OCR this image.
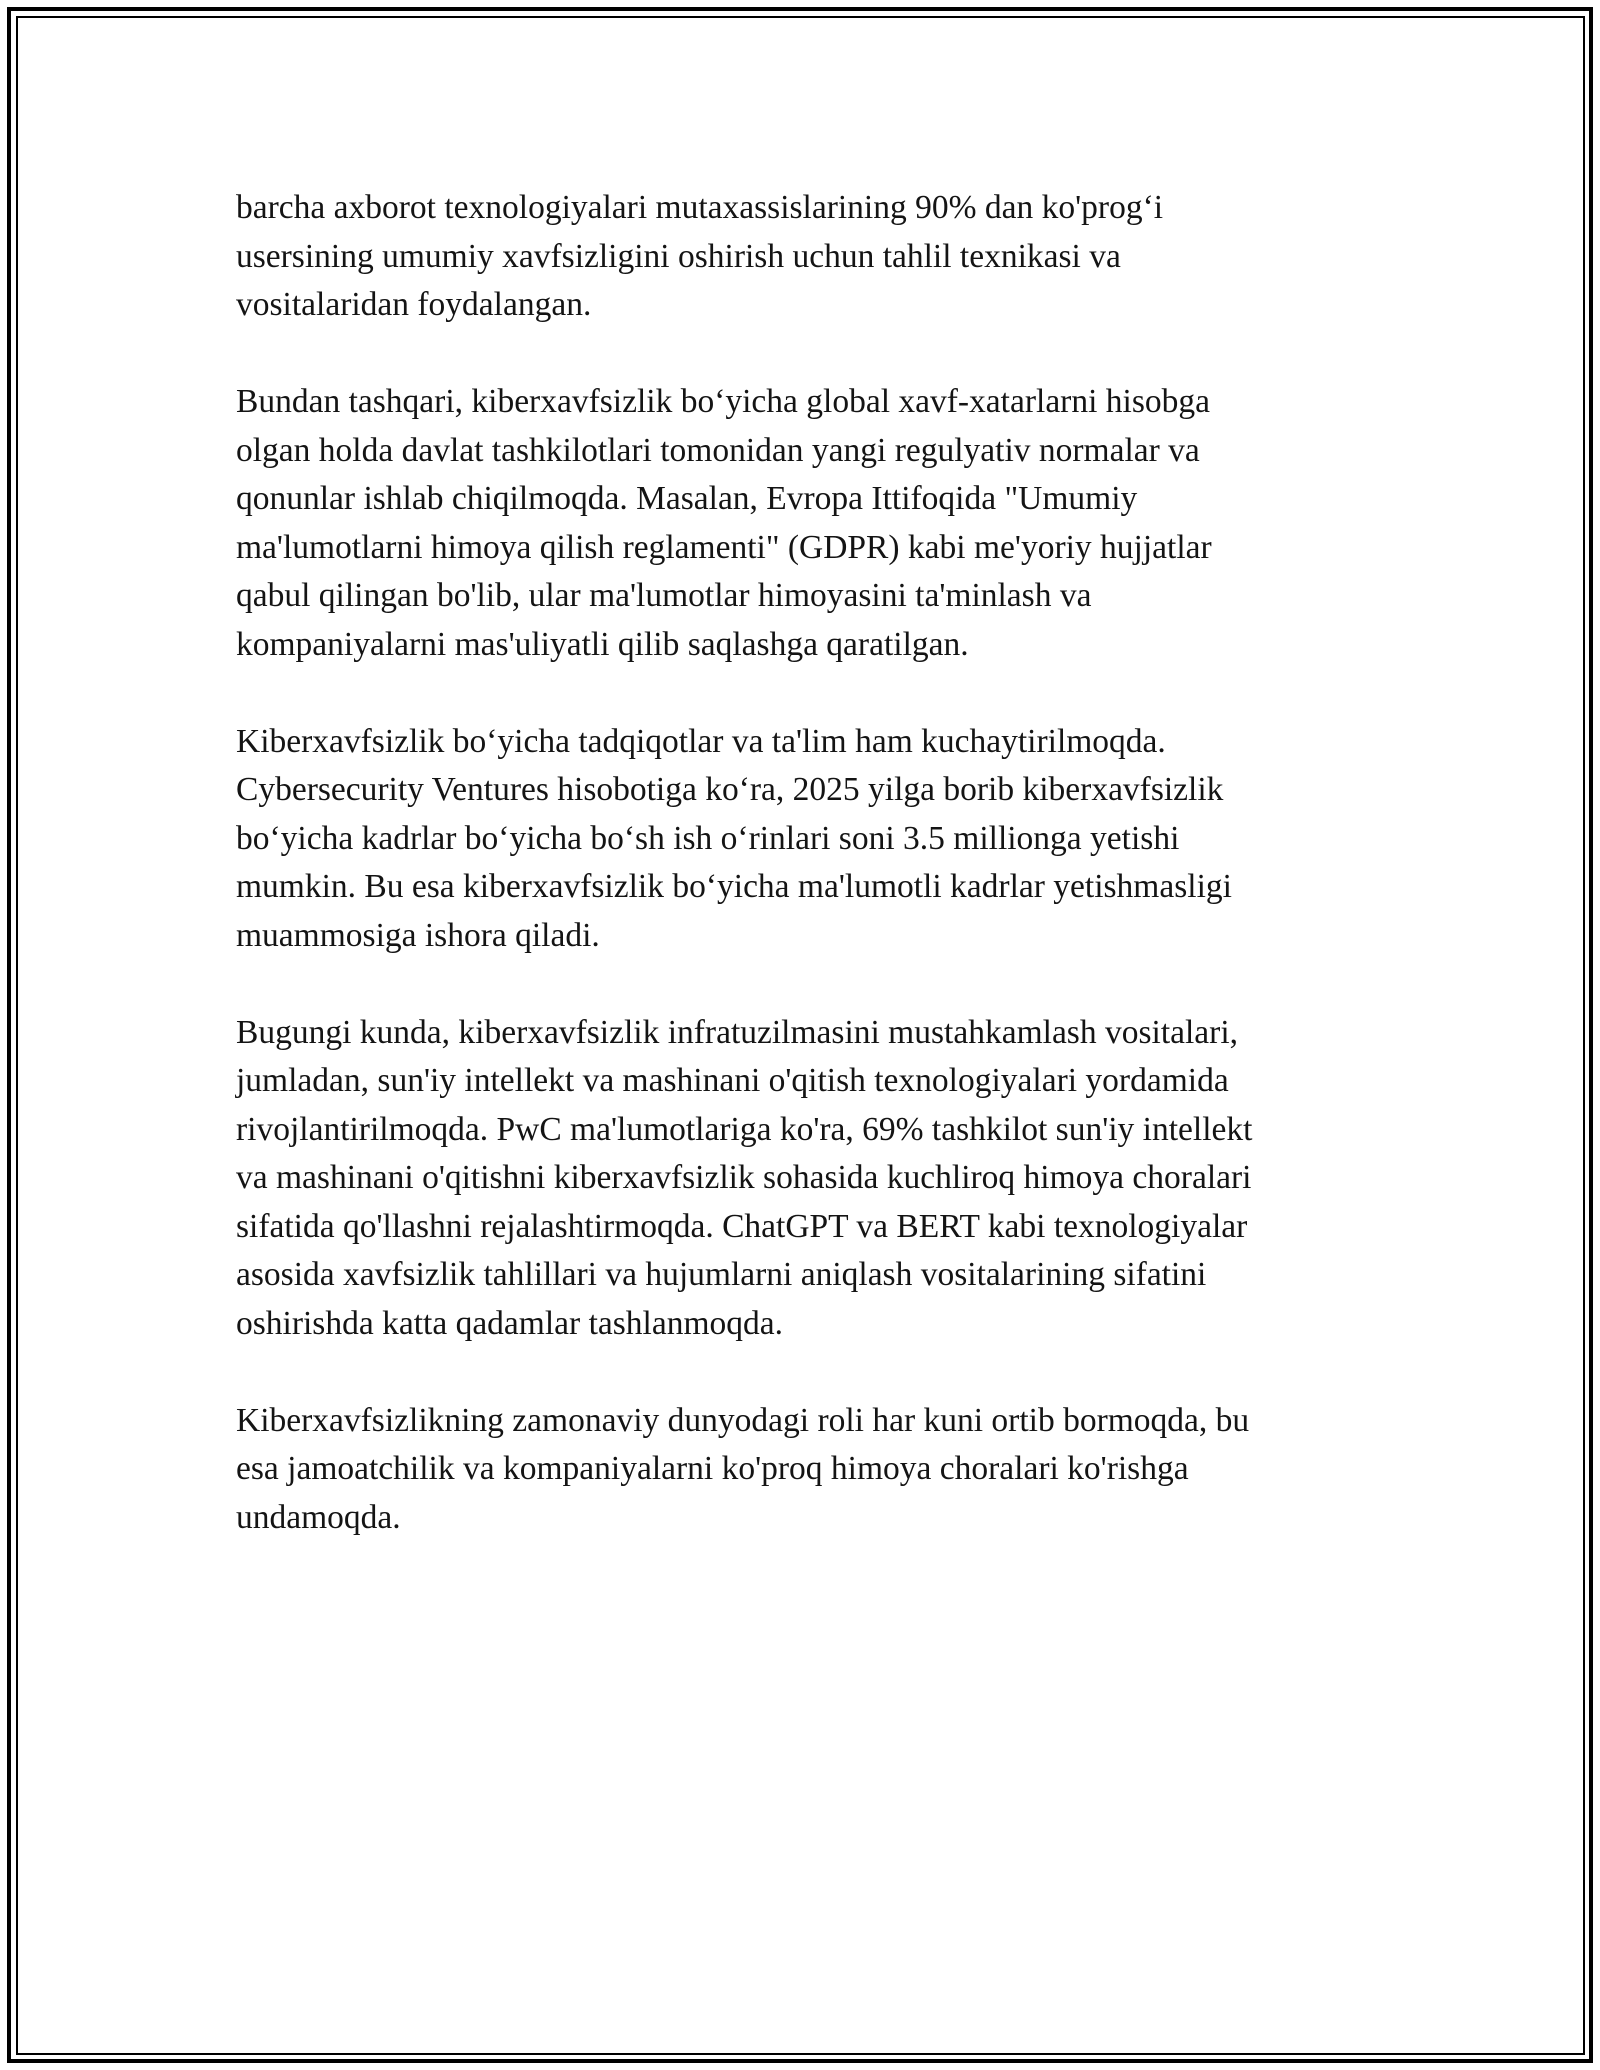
barcha axborot texnologiyalari mutaxassislarining 90% dan ko'prog‘i
usersining umumiy xavfsizligini oshirish uchun tahlil texnikasi va
vositalaridan foydalangan.

Bundan tashqari, kiberxavfsizlik bo‘yicha global xavf-xatarlarni hisobga
olgan holda davlat tashkilotlari tomonidan yangi regulyativ normalar va
qonunlar ishlab chiqilmoqda. Masalan, Evropa Ittifoqida "Umumiy
ma'lumotlarni himoya qilish reglamenti" (GDPR) kabi me'yoriy hujjatlar
qabul qilingan bo'lib, ular ma'lumotlar himoyasini ta'minlash va
kompaniyalarni mas'uliyatli qilib saqlashga qaratilgan.

Kiberxavfsizlik bo‘yicha tadqiqotlar va ta'lim ham kuchaytirilmoqda.
Cybersecurity Ventures hisobotiga ko‘ra, 2025 yilga borib kiberxavfsizlik
bo‘yicha kadrlar bo‘yicha bo‘sh ish o‘rinlari soni 3.5 millionga yetishi
mumkin. Bu esa kiberxavfsizlik bo‘yicha ma'lumotli kadrlar yetishmasligi
muammosiga ishora qiladi.

Bugungi kunda, kiberxavfsizlik infratuzilmasini mustahkamlash vositalari,
jumladan, sun'iy intellekt va mashinani o'qitish texnologiyalari yordamida
rivojlantirilmoqda. PwC ma'lumotlariga ko'ra, 69% tashkilot sun'iy intellekt
va mashinani o'qitishni kiberxavfsizlik sohasida kuchliroq himoya choralari
sifatida qo'llashni rejalashtirmoqda. ChatGPT va BERT kabi texnologiyalar
asosida xavfsizlik tahlillari va hujumlarni aniqlash vositalarining sifatini
oshirishda katta qadamlar tashlanmoqda.

Kiberxavfsizlikning zamonaviy dunyodagi roli har kuni ortib bormoqda, bu
esa jamoatchilik va kompaniyalarni ko'proq himoya choralari ko'rishga
undamoqda.
